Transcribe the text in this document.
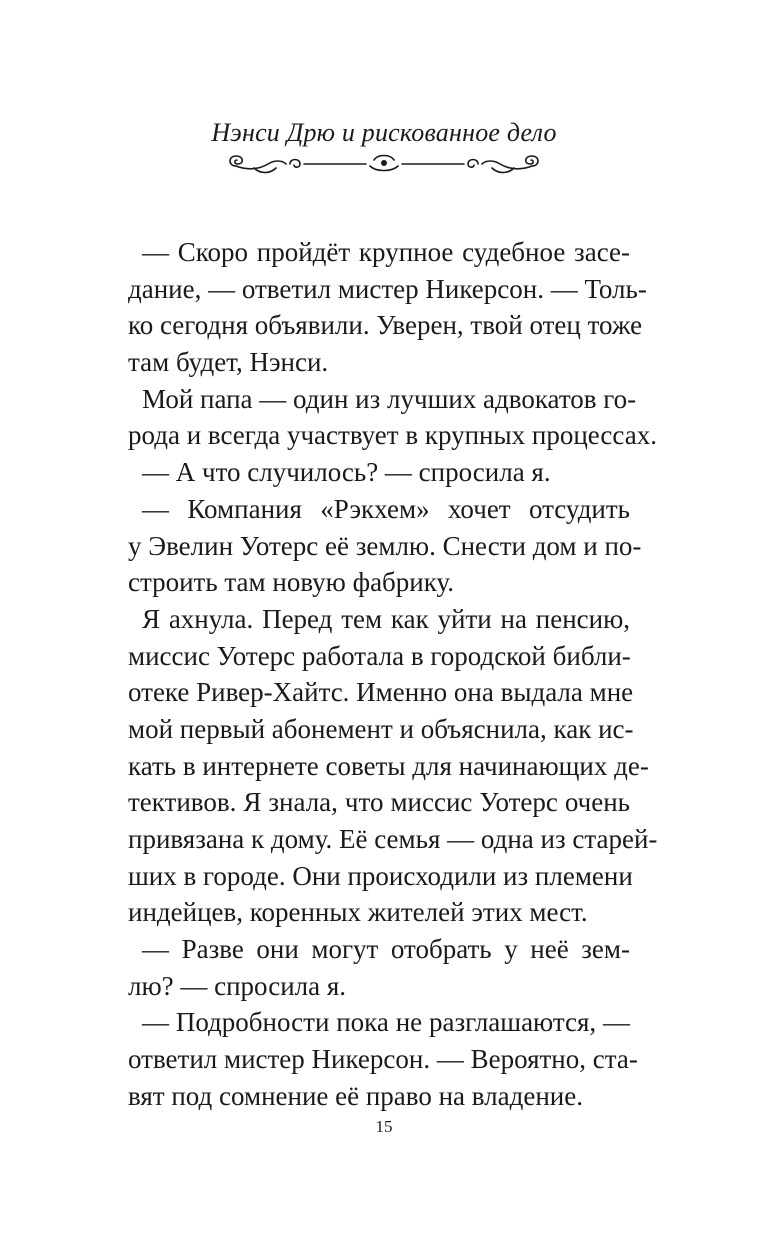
Нэнси Дрю и рискованное дело
— Скоро пройдёт крупное судебное засе-
дание, — ответил мистер Никерсон. — Толь-
ко сегодня объявили. Уверен, твой отец тоже
там будет, Нэнси.
Мой папа — один из лучших адвокатов го-
рода и всегда участвует в крупных процессах.
— А что случилось? — спросила я.
— Компания «Рэкхем» хочет отсудить
у Эвелин Уотерс её землю. Снести дом и по-
строить там новую фабрику.
Я ахнула. Перед тем как уйти на пенсию,
миссис Уотерс работала в городской библи-
отеке Ривер-Хайтс. Именно она выдала мне
мой первый абонемент и объяснила, как ис-
кать в интернете советы для начинающих де-
тективов. Я знала, что миссис Уотерс очень
привязана к дому. Её семья — одна из старей-
ших в городе. Они происходили из племени
индейцев, коренных жителей этих мест.
— Разве они могут отобрать у неё зем-
лю? — спросила я.
— Подробности пока не разглашаются, —
ответил мистер Никерсон. — Вероятно, ста-
вят под сомнение её право на владение.
15
